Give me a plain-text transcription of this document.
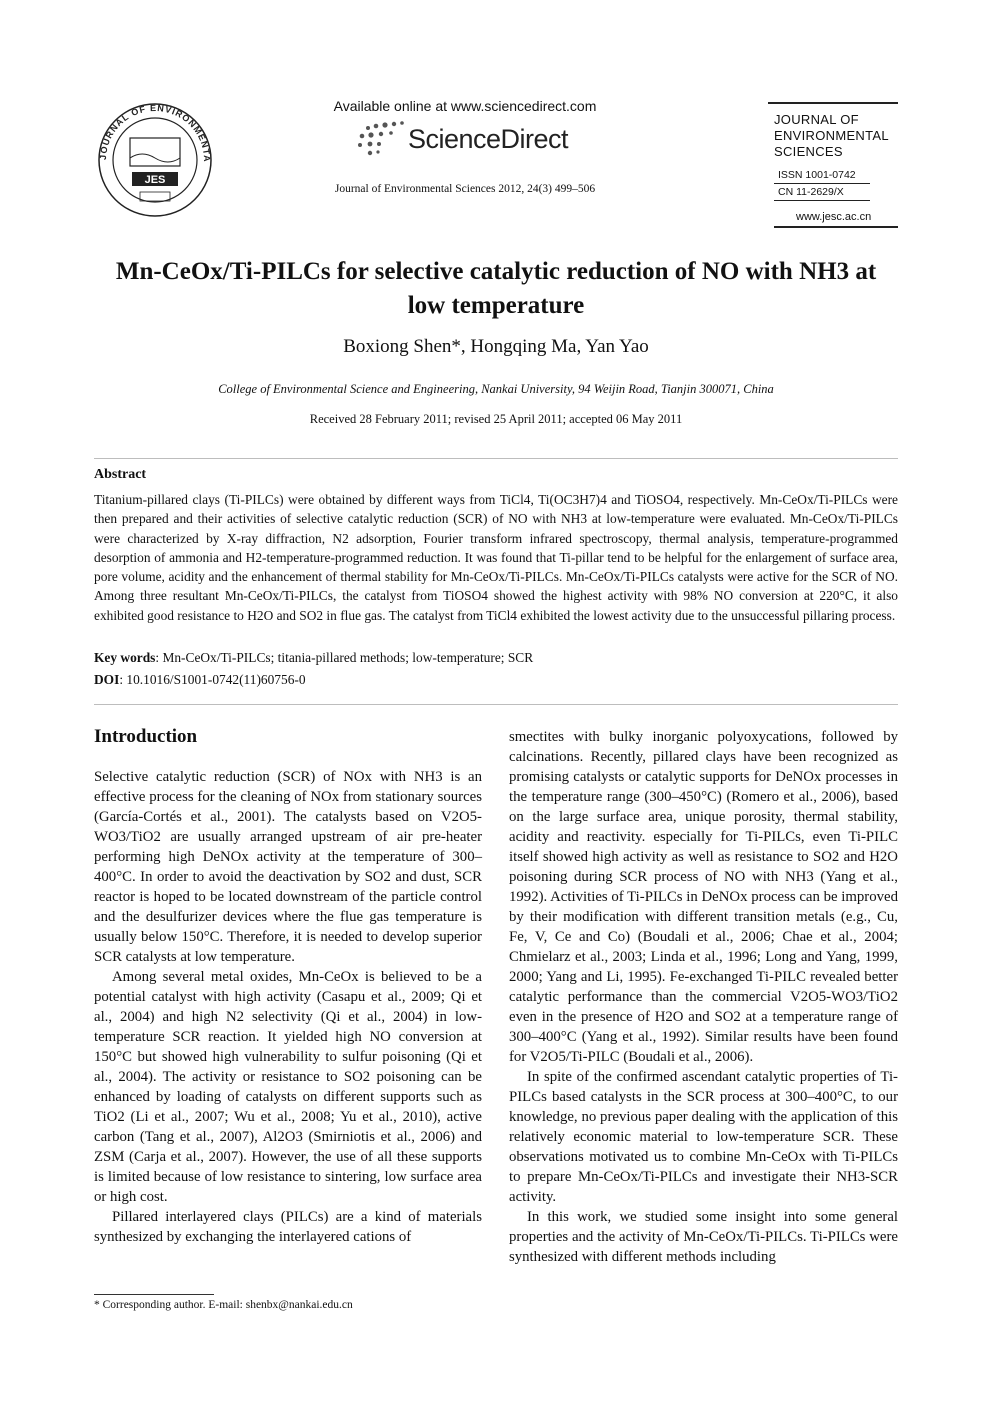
JOURNAL OF ENVIRONMENTA
JES
Available online at www.sciencedirect.com
ScienceDirect
Journal of Environmental Sciences 2012, 24(3) 499–506
JOURNAL OF
ENVIRONMENTAL
SCIENCES
ISSN 1001-0742
CN 11-2629/X
www.jesc.ac.cn
Mn-CeOx/Ti-PILCs for selective catalytic reduction of NO with NH3 at low temperature
Boxiong Shen*, Hongqing Ma, Yan Yao
College of Environmental Science and Engineering, Nankai University, 94 Weijin Road, Tianjin 300071, China
Received 28 February 2011; revised 25 April 2011; accepted 06 May 2011
Abstract
Titanium-pillared clays (Ti-PILCs) were obtained by different ways from TiCl4, Ti(OC3H7)4 and TiOSO4, respectively. Mn-CeOx/Ti-PILCs were then prepared and their activities of selective catalytic reduction (SCR) of NO with NH3 at low-temperature were evaluated. Mn-CeOx/Ti-PILCs were characterized by X-ray diffraction, N2 adsorption, Fourier transform infrared spectroscopy, thermal analysis, temperature-programmed desorption of ammonia and H2-temperature-programmed reduction. It was found that Ti-pillar tend to be helpful for the enlargement of surface area, pore volume, acidity and the enhancement of thermal stability for Mn-CeOx/Ti-PILCs. Mn-CeOx/Ti-PILCs catalysts were active for the SCR of NO. Among three resultant Mn-CeOx/Ti-PILCs, the catalyst from TiOSO4 showed the highest activity with 98% NO conversion at 220°C, it also exhibited good resistance to H2O and SO2 in flue gas. The catalyst from TiCl4 exhibited the lowest activity due to the unsuccessful pillaring process.
Key words: Mn-CeOx/Ti-PILCs; titania-pillared methods; low-temperature; SCR
DOI: 10.1016/S1001-0742(11)60756-0
Introduction

Selective catalytic reduction (SCR) of NOx with NH3 is an effective process for the cleaning of NOx from stationary sources (García-Cortés et al., 2001). The catalysts based on V2O5-WO3/TiO2 are usually arranged upstream of air pre-heater performing high DeNOx activity at the temperature of 300–400°C. In order to avoid the deactivation by SO2 and dust, SCR reactor is hoped to be located downstream of the particle control and the desulfurizer devices where the flue gas temperature is usually below 150°C. Therefore, it is needed to develop superior SCR catalysts at low temperature.

Among several metal oxides, Mn-CeOx is believed to be a potential catalyst with high activity (Casapu et al., 2009; Qi et al., 2004) and high N2 selectivity (Qi et al., 2004) in low-temperature SCR reaction. It yielded high NO conversion at 150°C but showed high vulnerability to sulfur poisoning (Qi et al., 2004). The activity or resistance to SO2 poisoning can be enhanced by loading of catalysts on different supports such as TiO2 (Li et al., 2007; Wu et al., 2008; Yu et al., 2010), active carbon (Tang et al., 2007), Al2O3 (Smirniotis et al., 2006) and ZSM (Carja et al., 2007). However, the use of all these supports is limited because of low resistance to sintering, low surface area or high cost.

Pillared interlayered clays (PILCs) are a kind of materials synthesized by exchanging the interlayered cations of

smectites with bulky inorganic polyoxycations, followed by calcinations. Recently, pillared clays have been recognized as promising catalysts or catalytic supports for DeNOx processes in the temperature range (300–450°C) (Romero et al., 2006), based on the large surface area, unique porosity, thermal stability, acidity and reactivity. especially for Ti-PILCs, even Ti-PILC itself showed high activity as well as resistance to SO2 and H2O poisoning during SCR process of NO with NH3 (Yang et al., 1992). Activities of Ti-PILCs in DeNOx process can be improved by their modification with different transition metals (e.g., Cu, Fe, V, Ce and Co) (Boudali et al., 2006; Chae et al., 2004; Chmielarz et al., 2003; Linda et al., 1996; Long and Yang, 1999, 2000; Yang and Li, 1995). Fe-exchanged Ti-PILC revealed better catalytic performance than the commercial V2O5-WO3/TiO2 even in the presence of H2O and SO2 at a temperature range of 300–400°C (Yang et al., 1992). Similar results have been found for V2O5/Ti-PILC (Boudali et al., 2006).

In spite of the confirmed ascendant catalytic properties of Ti-PILCs based catalysts in the SCR process at 300–400°C, to our knowledge, no previous paper dealing with the application of this relatively economic material to low-temperature SCR. These observations motivated us to combine Mn-CeOx with Ti-PILCs to prepare Mn-CeOx/Ti-PILCs and investigate their NH3-SCR activity.

In this work, we studied some insight into some general properties and the activity of Mn-CeOx/Ti-PILCs. Ti-PILCs were synthesized with different methods including

* Corresponding author. E-mail: shenbx@nankai.edu.cn
